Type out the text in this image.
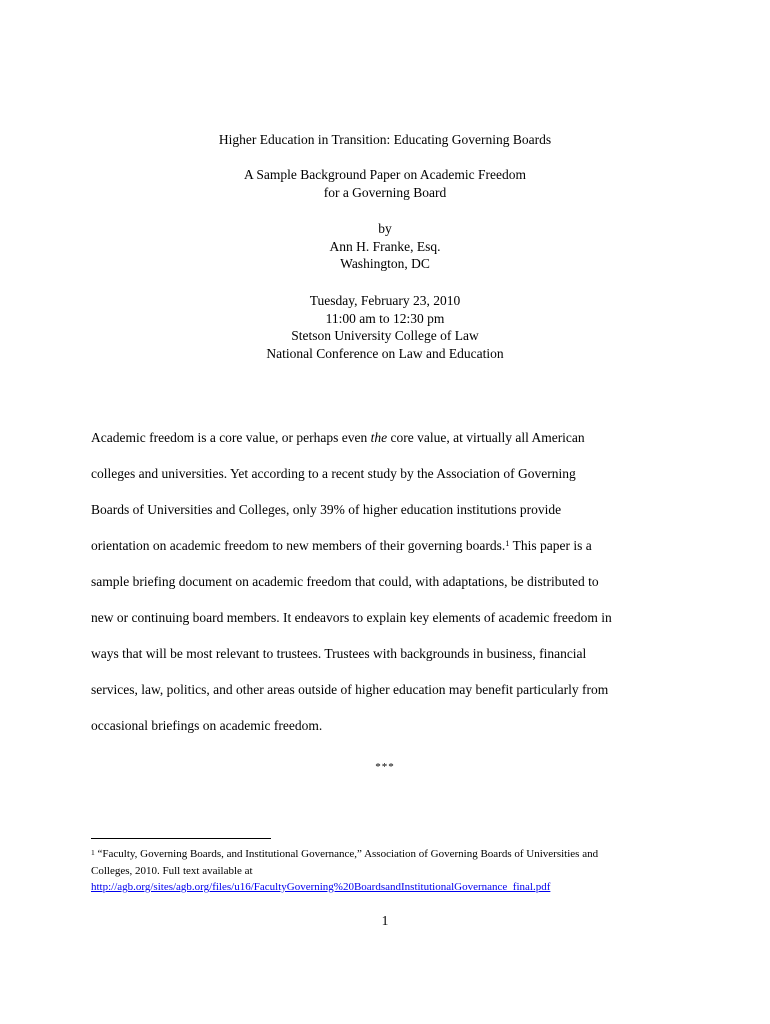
Higher Education in Transition: Educating Governing Boards
A Sample Background Paper on Academic Freedom
for a Governing Board
by
Ann H. Franke, Esq.
Washington, DC
Tuesday, February 23, 2010
11:00 am to 12:30 pm
Stetson University College of Law
National Conference on Law and Education
Academic freedom is a core value, or perhaps even the core value, at virtually all American
colleges and universities. Yet according to a recent study by the Association of Governing
Boards of Universities and Colleges, only 39% of higher education institutions provide
orientation on academic freedom to new members of their governing boards.$^1$ This paper is a
sample briefing document on academic freedom that could, with adaptations, be distributed to
new or continuing board members. It endeavors to explain key elements of academic freedom in
ways that will be most relevant to trustees. Trustees with backgrounds in business, financial
services, law, politics, and other areas outside of higher education may benefit particularly from
occasional briefings on academic freedom.
***
$^1$ “Faculty, Governing Boards, and Institutional Governance,” Association of Governing Boards of Universities and
Colleges, 2010. Full text available at
http://agb.org/sites/agb.org/files/u16/FacultyGoverning%20BoardsandInstitutionalGovernance_final.pdf
1
